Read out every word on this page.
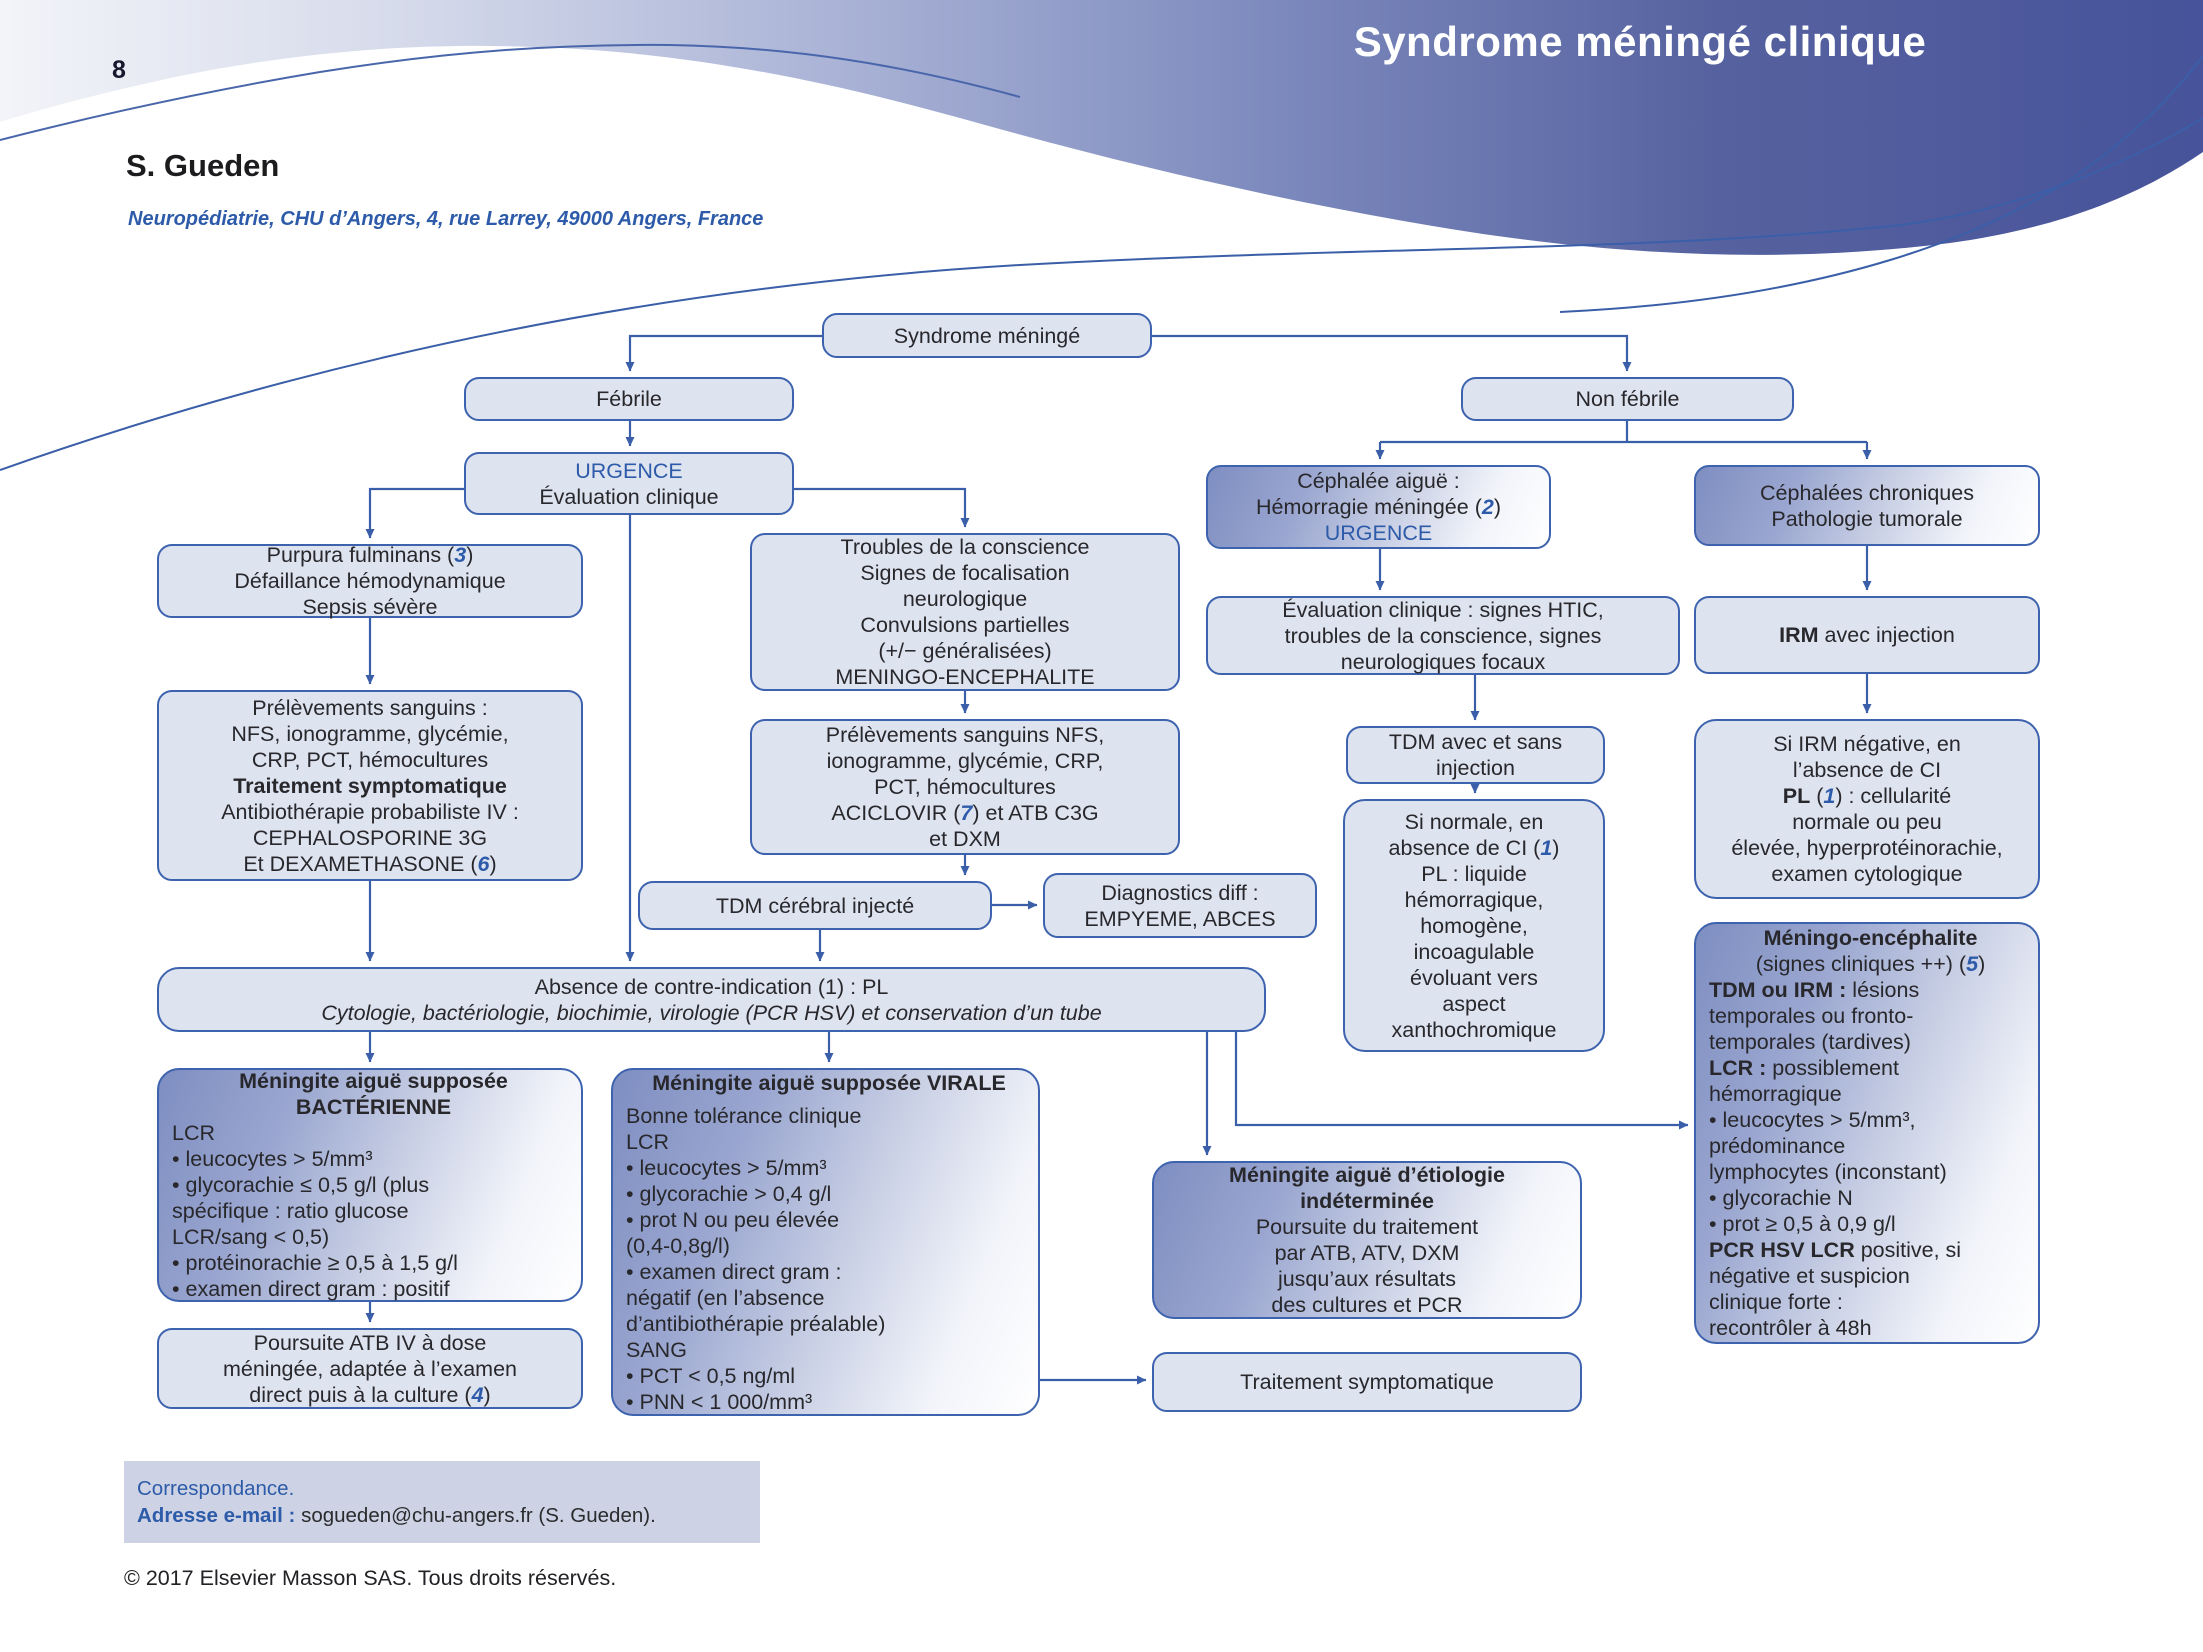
Syndrome méningé clinique
8
S. Gueden
Neuropédiatrie, CHU d’Angers, 4, rue Larrey, 49000 Angers, France
Syndrome méningé
Fébrile	Non fébrile
URGENCE
Évaluation clinique
Purpura fulminans (3)
Défaillance hémodynamique
Sepsis sévère
Troubles de la conscience
Signes de focalisation
neurologique
Convulsions partielles
(+/− généralisées)
MENINGO-ENCEPHALITE
Céphalée aiguë :
Hémorragie méningée (2)
URGENCE
Céphalées chroniques
Pathologie tumorale
Évaluation clinique : signes HTIC,
troubles de la conscience, signes
neurologiques focaux
IRM avec injection
Prélèvements sanguins :
NFS, ionogramme, glycémie,
CRP, PCT, hémocultures
Traitement symptomatique
Antibiothérapie probabiliste IV :
CEPHALOSPORINE 3G
Et DEXAMETHASONE (6)
Prélèvements sanguins NFS,
ionogramme, glycémie, CRP,
PCT, hémocultures
ACICLOVIR (7) et ATB C3G
et DXM
TDM avec et sans
injection
Si IRM négative, en
l’absence de CI
PL (1) : cellularité
normale ou peu
élevée, hyperprotéinorachie,
examen cytologique
TDM cérébral injecté
Diagnostics diff :
EMPYEME, ABCES
Si normale, en
absence de CI (1)
PL : liquide
hémorragique,
homogène,
incoagulable
évoluant vers
aspect
xanthochromique
Absence de contre-indication (1) : PL
Cytologie, bactériologie, biochimie, virologie (PCR HSV) et conservation d’un tube
Méningo-encéphalite
(signes cliniques ++) (5)
TDM ou IRM : lésions
temporales ou fronto-
temporales (tardives)
LCR : possiblement
hémorragique
• leucocytes > 5/mm³,
prédominance
lymphocytes (inconstant)
• glycorachie N
• prot ≥ 0,5 à 0,9 g/l
PCR HSV LCR positive, si
négative et suspicion
clinique forte :
recontrôler à 48h
Méningite aiguë supposée
BACTÉRIENNE
LCR
• leucocytes > 5/mm³
• glycorachie ≤ 0,5 g/l (plus
spécifique : ratio glucose
LCR/sang < 0,5)
• protéinorachie ≥ 0,5 à 1,5 g/l
• examen direct gram : positif
Méningite aiguë supposée VIRALE
Bonne tolérance clinique
LCR
• leucocytes > 5/mm³
• glycorachie > 0,4 g/l
• prot N ou peu élevée
(0,4-0,8g/l)
• examen direct gram :
négatif (en l’absence
d’antibiothérapie préalable)
SANG
• PCT < 0,5 ng/ml
• PNN < 1 000/mm³
Méningite aiguë d’étiologie
indéterminée
Poursuite du traitement
par ATB, ATV, DXM
jusqu’aux résultats
des cultures et PCR
Poursuite ATB IV à dose
méningée, adaptée à l’examen
direct puis à la culture (4)
Traitement symptomatique
Correspondance.
Adresse e-mail : sogueden@chu-angers.fr (S. Gueden).
© 2017 Elsevier Masson SAS. Tous droits réservés.
